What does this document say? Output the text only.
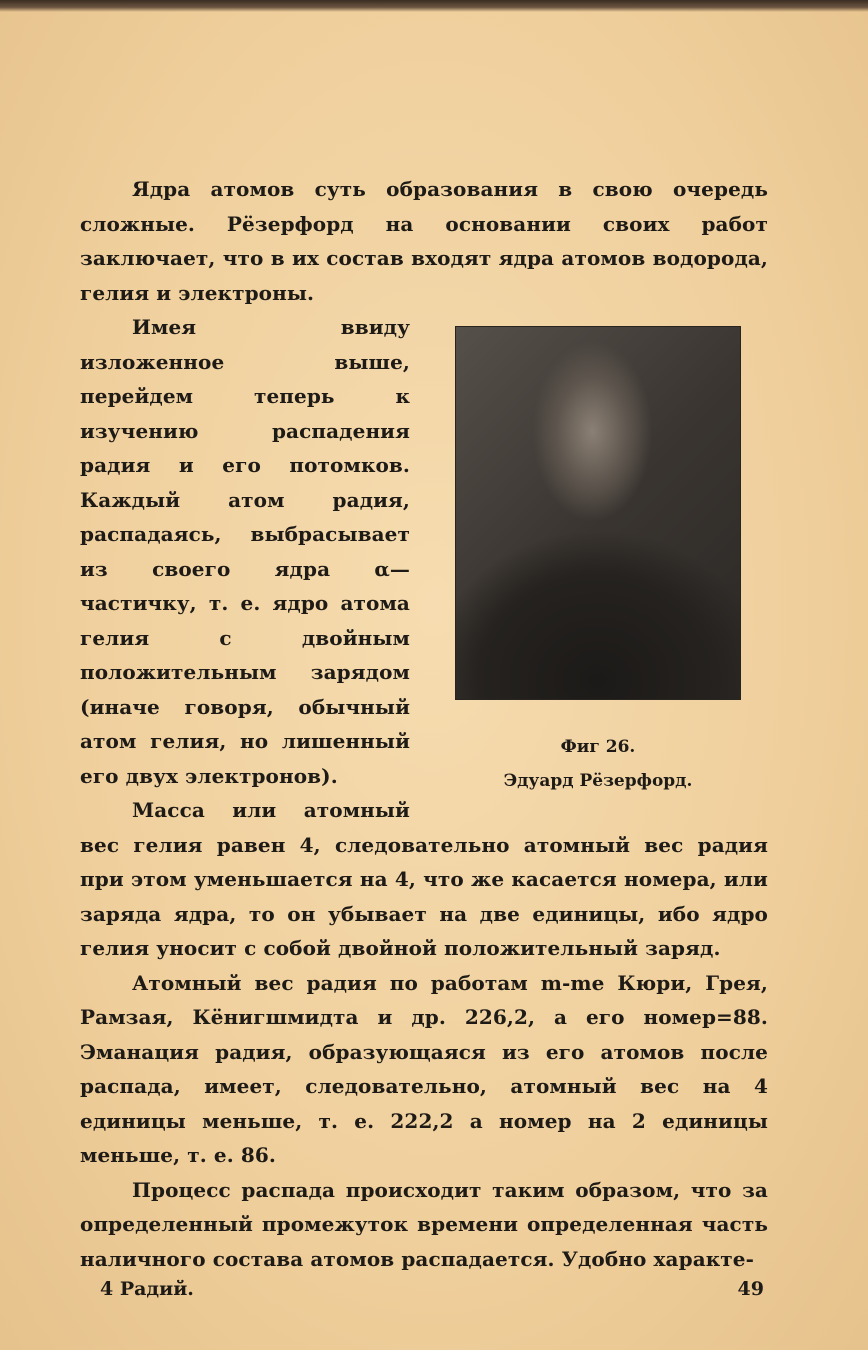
Ядра атомов суть образования в свою очередь сложные. Рёзерфорд на основании своих работ заключает, что в их состав входят ядра атомов водорода, гелия и электроны.

Фиг 26.
Эдуард Рёзерфорд.

Имея ввиду изложенное выше, перейдем теперь к изучению распадения радия и его потомков. Каждый атом радия, распадаясь, выбрасывает из своего ядра α—частичку, т. е. ядро атома гелия с двойным положительным зарядом (иначе говоря, обычный атом гелия, но лишенный его двух электронов).

Масса или атомный вес гелия равен 4, следовательно атомный вес радия при этом уменьшается на 4, что же касается номера, или заряда ядра, то он убывает на две единицы, ибо ядро гелия уносит с собой двойной положительный заряд.

Атомный вес радия по работам m-me Кюри, Грея, Рамзая, Кёнигшмидта и др. 226,2, а его номер=88. Эманация радия, образующаяся из его атомов после распада, имеет, следовательно, атомный вес на 4 единицы меньше, т. е. 222,2 а номер на 2 единицы меньше, т. е. 86.

Процесс распада происходит таким образом, что за определенный промежуток времени определенная часть наличного состава атомов распадается. Удобно характе-

4 Радий.	49
